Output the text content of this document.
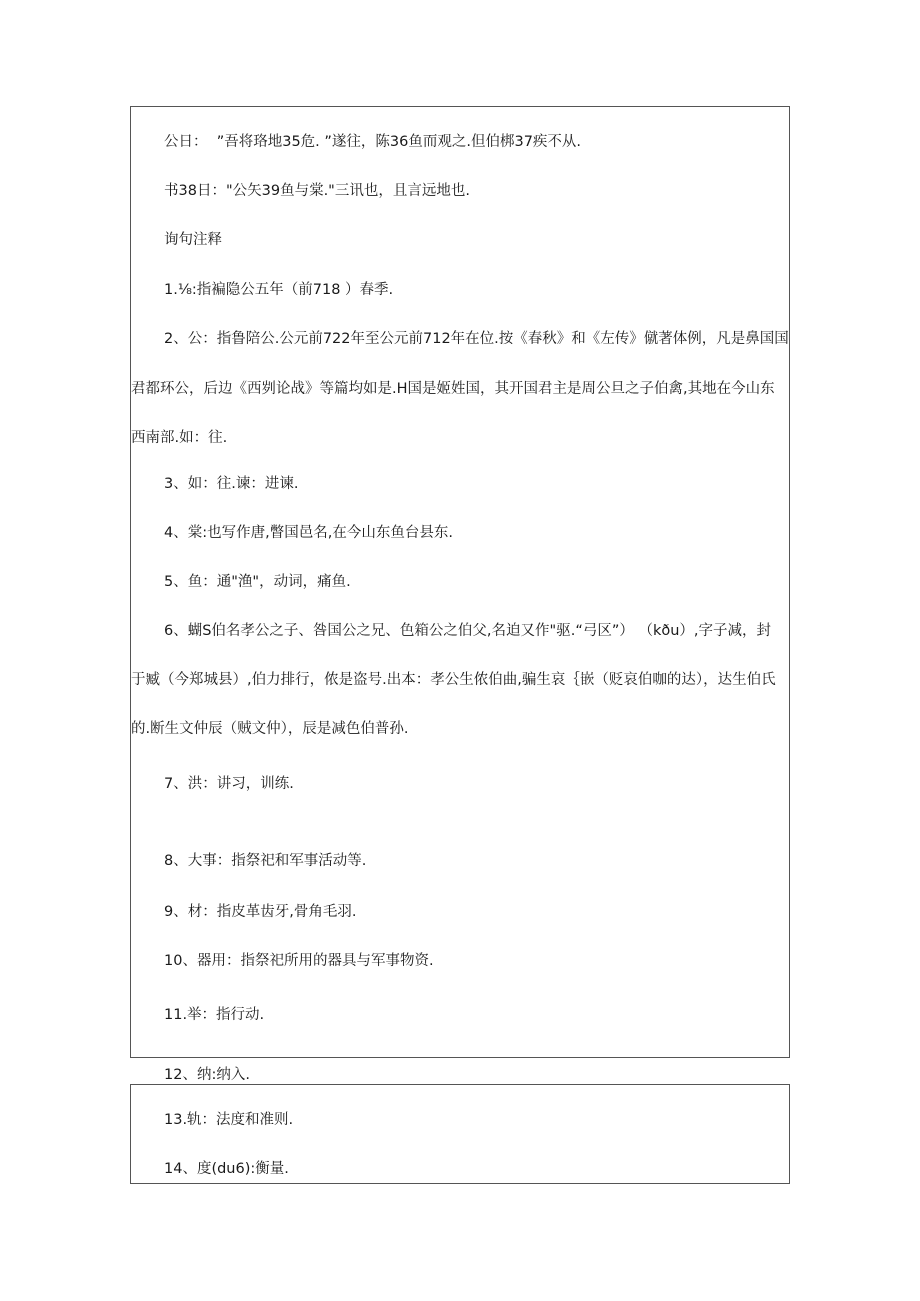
公日：  ”吾将珞地35危. ”遂往，陈36鱼而观之.但伯梆37疾不从.
书38日："公矢39鱼与棠."三讯也，且言远地也.
询句注释
1.⅛:指褊隐公五年（前718 ）春季.
2、公：指鲁陪公.公元前722年至公元前712年在位.按《春秋》和《左传》僦著体例，凡是鼻国国
君都环公，后边《西刿论战》等篇均如是.H国是姬姓国，其开国君主是周公旦之子伯禽,其地在今山东
西南部.如：往.
3、如：往.谏：进谏.
4、棠:也写作唐,瞥国邑名,在今山东鱼台县东.
5、鱼：通"渔"，动词，痛鱼.
6、蝴S伯名孝公之子、咎国公之兄、色箱公之伯父,名迫又作"驱.“弓区”） （kðu）,字子减，封
于臧（今郑城县）,伯力排行，侬是盗号.出本：孝公生侬伯曲,骗生哀｛嵌（贬哀伯咖的达），达生伯氏
的.断生文仲辰（贼文仲），辰是减色伯普孙.
7、洪：讲习，训练.
8、大事：指祭祀和军事活动等.
9、材：指皮革齿牙,骨角毛羽.
10、器用：指祭祀所用的器具与军事物资.
11.举：指行动.
12、纳:纳入.
13.轨：法度和准则.
14、度(du6):衡量.
